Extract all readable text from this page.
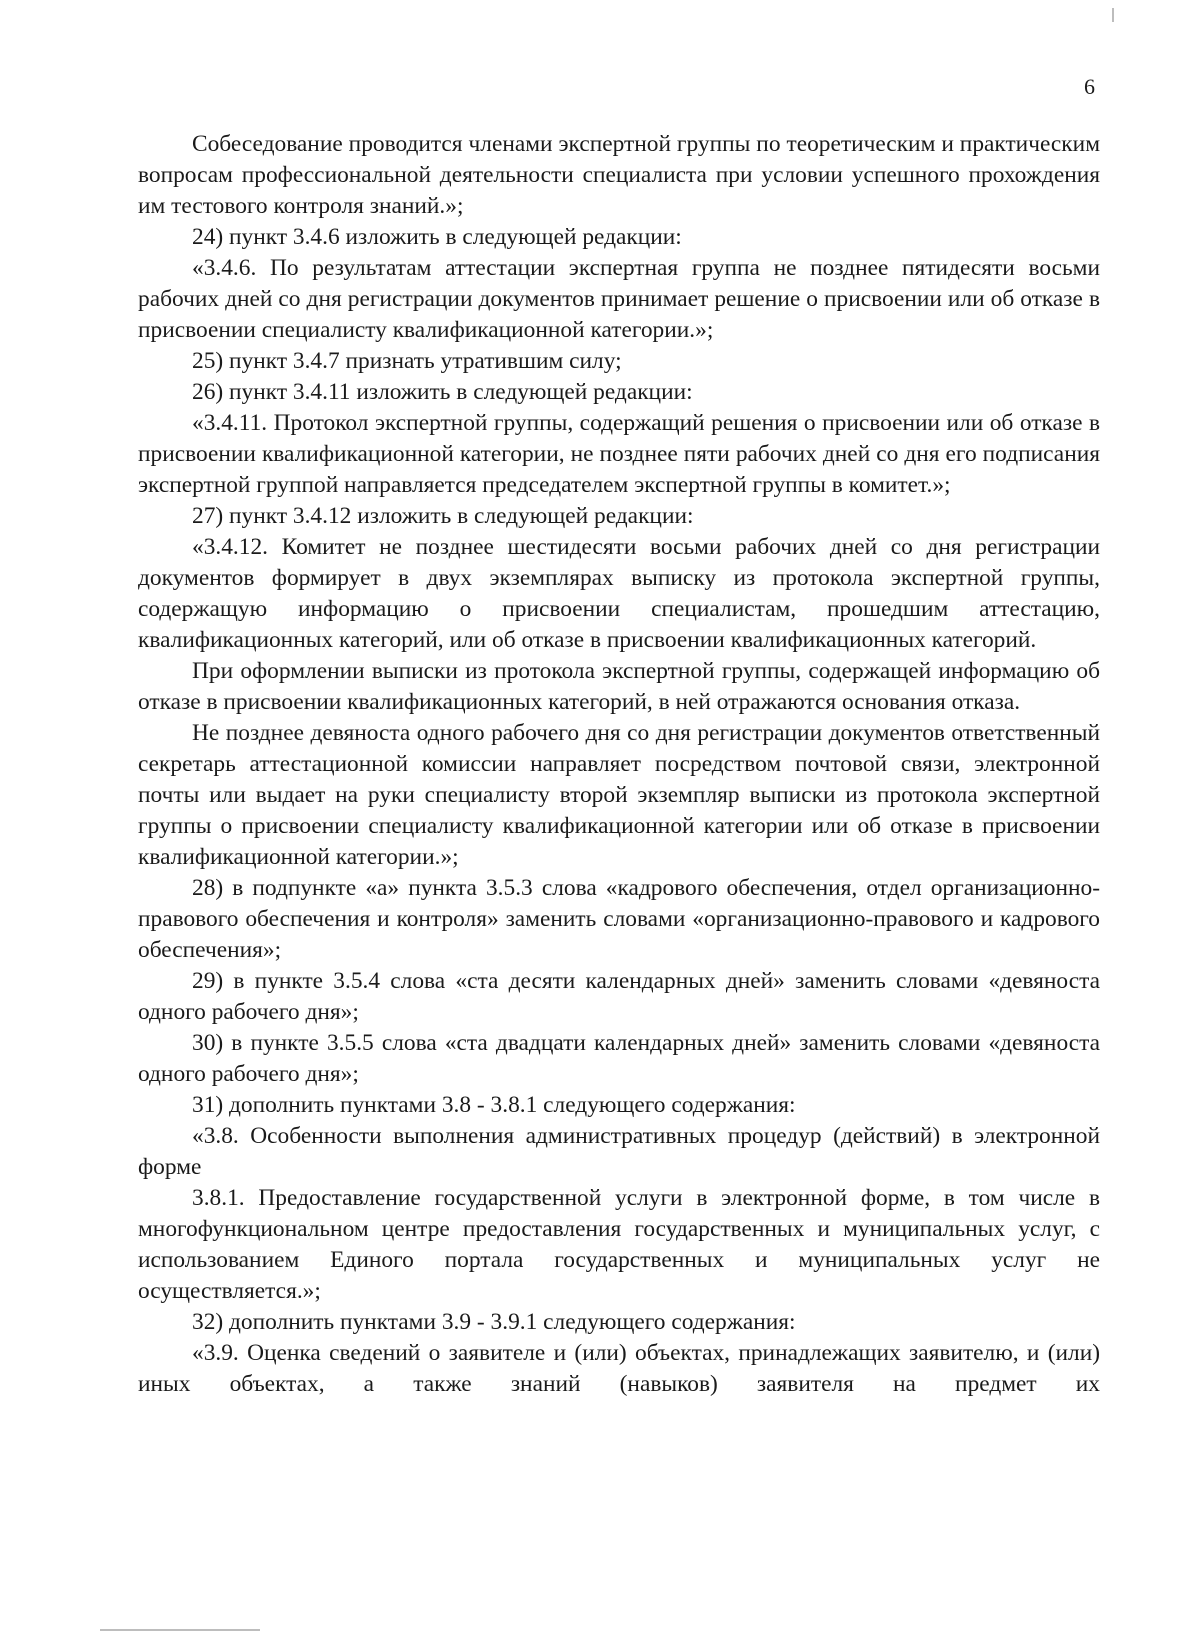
6

Собеседование проводится членами экспертной группы по теоретическим и практическим вопросам профессиональной деятельности специалиста при условии успешного прохождения им тестового контроля знаний.»;

24) пункт 3.4.6 изложить в следующей редакции:

«3.4.6. По результатам аттестации экспертная группа не позднее пятидесяти восьми рабочих дней со дня регистрации документов принимает решение о присвоении или об отказе в присвоении специалисту квалификационной категории.»;

25) пункт 3.4.7 признать утратившим силу;

26) пункт 3.4.11 изложить в следующей редакции:

«3.4.11. Протокол экспертной группы, содержащий решения о присвоении или об отказе в присвоении квалификационной категории, не позднее пяти рабочих дней со дня его подписания экспертной группой направляется председателем экспертной группы в комитет.»;

27) пункт 3.4.12 изложить в следующей редакции:

«3.4.12. Комитет не позднее шестидесяти восьми рабочих дней со дня регистрации документов формирует в двух экземплярах выписку из протокола экспертной группы, содержащую информацию о присвоении специалистам, прошедшим аттестацию, квалификационных категорий, или об отказе в присвоении квалификационных категорий.

При оформлении выписки из протокола экспертной группы, содержащей информацию об отказе в присвоении квалификационных категорий, в ней отражаются основания отказа.

Не позднее девяноста одного рабочего дня со дня регистрации документов ответственный секретарь аттестационной комиссии направляет посредством почтовой связи, электронной почты или выдает на руки специалисту второй экземпляр выписки из протокола экспертной группы о присвоении специалисту квалификационной категории или об отказе в присвоении квалификационной категории.»;

28) в подпункте «а» пункта 3.5.3 слова «кадрового обеспечения, отдел организационно-правового обеспечения и контроля» заменить словами «организационно-правового и кадрового обеспечения»;

29) в пункте 3.5.4 слова «ста десяти календарных дней» заменить словами «девяноста одного рабочего дня»;

30) в пункте 3.5.5 слова «ста двадцати календарных дней» заменить словами «девяноста одного рабочего дня»;

31) дополнить пунктами 3.8 - 3.8.1 следующего содержания:

«3.8. Особенности выполнения административных процедур (действий) в электронной форме

3.8.1. Предоставление государственной услуги в электронной форме, в том числе в многофункциональном центре предоставления государственных и муниципальных услуг, с использованием Единого портала государственных и муниципальных услуг не осуществляется.»;

32) дополнить пунктами 3.9 - 3.9.1 следующего содержания:

«3.9. Оценка сведений о заявителе и (или) объектах, принадлежащих заявителю, и (или) иных объектах, а также знаний (навыков) заявителя на предмет их
